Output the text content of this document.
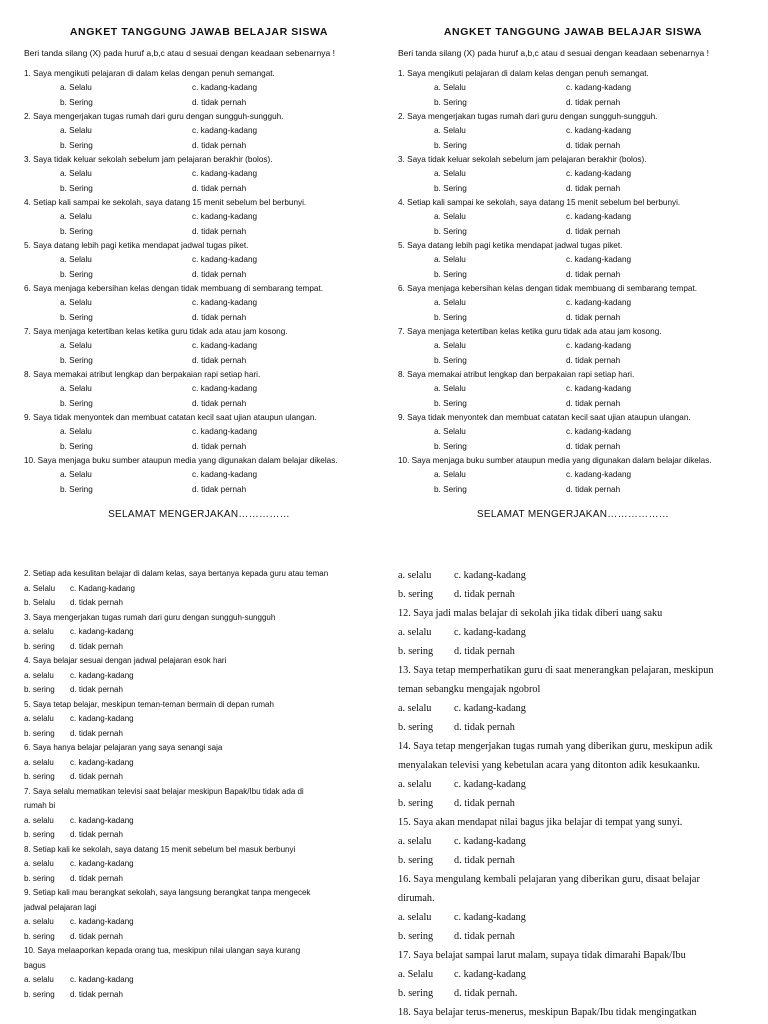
ANGKET TANGGUNG JAWAB BELAJAR SISWA
Beri tanda silang (X) pada huruf a,b,c atau d sesuai dengan keadaan sebenarnya !
1. Saya mengikuti pelajaran di dalam kelas dengan penuh semangat.
a. Selalu	c. kadang-kadang
b. Sering	d. tidak pernah
2. Saya mengerjakan tugas rumah dari guru dengan sungguh-sungguh.
a. Selalu	c. kadang-kadang
b. Sering	d. tidak pernah
3. Saya tidak keluar sekolah sebelum jam pelajaran berakhir (bolos).
a. Selalu	c. kadang-kadang
b. Sering	d. tidak pernah
4. Setiap kali sampai ke sekolah, saya datang 15 menit sebelum bel berbunyi.
a. Selalu	c. kadang-kadang
b. Sering	d. tidak pernah
5. Saya datang lebih pagi ketika mendapat jadwal tugas piket.
a. Selalu	c. kadang-kadang
b. Sering	d. tidak pernah
6. Saya menjaga kebersihan kelas dengan tidak membuang di sembarang tempat.
a. Selalu	c. kadang-kadang
b. Sering	d. tidak pernah
7. Saya menjaga ketertiban kelas ketika guru tidak ada atau jam kosong.
a. Selalu	c. kadang-kadang
b. Sering	d. tidak pernah
8. Saya memakai atribut lengkap dan berpakaian rapi setiap hari.
a. Selalu	c. kadang-kadang
b. Sering	d. tidak pernah
9. Saya tidak menyontek dan membuat catatan kecil saat ujian ataupun ulangan.
a. Selalu	c. kadang-kadang
b. Sering	d. tidak pernah
10. Saya menjaga buku sumber ataupun media yang digunakan dalam belajar dikelas.
a. Selalu	c. kadang-kadang
b. Sering	d. tidak pernah
SELAMAT MENGERJAKAN……………
ANGKET TANGGUNG JAWAB BELAJAR SISWA
Beri tanda silang (X) pada huruf a,b,c atau d sesuai dengan keadaan sebenarnya !
1. Saya mengikuti pelajaran di dalam kelas dengan penuh semangat.
a. Selalu	c. kadang-kadang
b. Sering	d. tidak pernah
2. Saya mengerjakan tugas rumah dari guru dengan sungguh-sungguh.
a. Selalu	c. kadang-kadang
b. Sering	d. tidak pernah
3. Saya tidak keluar sekolah sebelum jam pelajaran berakhir (bolos).
a. Selalu	c. kadang-kadang
b. Sering	d. tidak pernah
4. Setiap kali sampai ke sekolah, saya datang 15 menit sebelum bel berbunyi.
a. Selalu	c. kadang-kadang
b. Sering	d. tidak pernah
5. Saya datang lebih pagi ketika mendapat jadwal tugas piket.
a. Selalu	c. kadang-kadang
b. Sering	d. tidak pernah
6. Saya menjaga kebersihan kelas dengan tidak membuang di sembarang tempat.
a. Selalu	c. kadang-kadang
b. Sering	d. tidak pernah
7. Saya menjaga ketertiban kelas ketika guru tidak ada atau jam kosong.
a. Selalu	c. kadang-kadang
b. Sering	d. tidak pernah
8. Saya memakai atribut lengkap dan berpakaian rapi setiap hari.
a. Selalu	c. kadang-kadang
b. Sering	d. tidak pernah
9. Saya tidak menyontek dan membuat catatan kecil saat ujian ataupun ulangan.
a. Selalu	c. kadang-kadang
b. Sering	d. tidak pernah
10. Saya menjaga buku sumber ataupun media yang digunakan dalam belajar dikelas.
a. Selalu	c. kadang-kadang
b. Sering	d. tidak pernah
SELAMAT MENGERJAKAN………………
2. Setiap ada kesulitan belajar di dalam kelas, saya bertanya kepada guru atau teman
a. Selalu	c. Kadang-kadang
b. Selalu	d. tidak pernah
3. Saya mengerjakan tugas rumah dari guru dengan sungguh-sungguh
a. selalu	c. kadang-kadang
b. sering	d. tidak pernah
4. Saya belajar sesuai dengan jadwal pelajaran esok hari
a. selalu	c. kadang-kadang
b. sering	d. tidak pernah
5. Saya tetap belajar, meskipun teman-teman bermain di depan rumah
a. selalu	c. kadang-kadang
b. sering	d. tidak pernah
6. Saya hanya belajar pelajaran yang saya senangi saja
a. selalu	c. kadang-kadang
b. sering	d. tidak pernah
7. Saya selalu mematikan televisi saat belajar meskipun Bapak/Ibu tidak ada di
rumah bi
a. selalu	c. kadang-kadang
b. sering	d. tidak pernah
8. Setiap kali ke sekolah, saya datang 15 menit sebelum bel masuk berbunyi
a. selalu	c. kadang-kadang
b. sering	d. tidak pernah
9. Setiap kali mau berangkat sekolah, saya langsung berangkat tanpa mengecek
jadwal pelajaran lagi
a. selalu	c. kadang-kadang
b. sering	d. tidak pernah
10. Saya melaaporkan kepada orang tua, meskipun nilai ulangan saya kurang
bagus
a. selalu	c. kadang-kadang
b. sering	d. tidak pernah
a. selalu	c. kadang-kadang
b. sering	d. tidak pernah
12. Saya jadi malas belajar di sekolah jika tidak diberi uang saku
a. selalu	c. kadang-kadang
b. sering	d. tidak pernah
13. Saya tetap memperhatikan guru di saat menerangkan pelajaran, meskipun
teman sebangku mengajak ngobrol
a. selalu	c. kadang-kadang
b. sering	d. tidak pernah
14. Saya tetap mengerjakan tugas rumah yang diberikan guru, meskipun adik
menyalakan televisi yang kebetulan acara yang ditonton adik kesukaanku.
a. selalu	c. kadang-kadang
b. sering	d. tidak pernah
15. Saya akan mendapat nilai bagus jika belajar di tempat yang sunyi.
a. selalu	c. kadang-kadang
b. sering	d. tidak pernah
16. Saya mengulang kembali pelajaran yang diberikan guru, disaat belajar
dirumah.
a. selalu	c. kadang-kadang
b. sering	d. tidak pernah
17. Saya belajat sampai larut malam, supaya tidak dimarahi Bapak/Ibu
a. Selalu	c. kadang-kadang
b. sering	d. tidak pernah.
18. Saya belajar terus-menerus, meskipun Bapak/Ibu tidak mengingatkan
